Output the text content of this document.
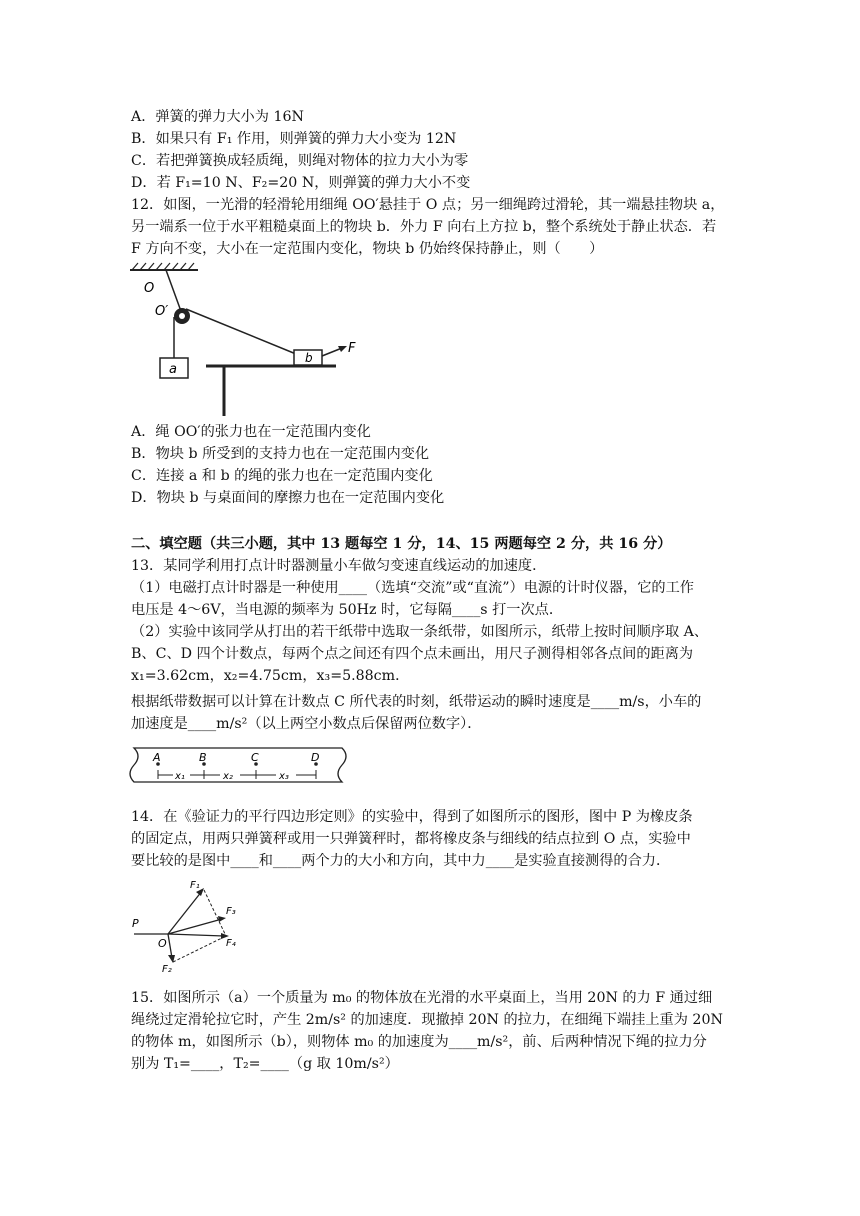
A．弹簧的弹力大小为 16N
B．如果只有 F₁ 作用，则弹簧的弹力大小变为 12N
C．若把弹簧换成轻质绳，则绳对物体的拉力大小为零
D．若 F₁=10 N、F₂=20 N，则弹簧的弹力大小不变
12．如图，一光滑的轻滑轮用细绳 OO′悬挂于 O 点；另一细绳跨过滑轮，其一端悬挂物块 a，
另一端系一位于水平粗糙桌面上的物块 b．外力 F 向右上方拉 b，整个系统处于静止状态．若
F 方向不变，大小在一定范围内变化，物块 b 仍始终保持静止，则（　　）
a
b
F
O
O′
A．绳 OO′的张力也在一定范围内变化
B．物块 b 所受到的支持力也在一定范围内变化
C．连接 a 和 b 的绳的张力也在一定范围内变化
D．物块 b 与桌面间的摩擦力也在一定范围内变化
二、填空题（共三小题，其中 13 题每空 1 分，14、15 两题每空 2 分，共 16 分）
13．某同学利用打点计时器测量小车做匀变速直线运动的加速度．
（1）电磁打点计时器是一种使用____（选填“交流”或“直流”）电源的计时仪器，它的工作
电压是 4～6V，当电源的频率为 50Hz 时，它每隔____s 打一次点．
（2）实验中该同学从打出的若干纸带中选取一条纸带，如图所示，纸带上按时间顺序取 A、
B、C、D 四个计数点，每两个点之间还有四个点未画出，用尺子测得相邻各点间的距离为
x₁=3.62cm，x₂=4.75cm，x₃=5.88cm．
根据纸带数据可以计算在计数点 C 所代表的时刻，纸带运动的瞬时速度是____m/s，小车的
加速度是____m/s²（以上两空小数点后保留两位数字）．
A	B	C	D
x₁	x₂	x₃
14．在《验证力的平行四边形定则》的实验中，得到了如图所示的图形，图中 P 为橡皮条
的固定点，用两只弹簧秤或用一只弹簧秤时，都将橡皮条与细线的结点拉到 O 点，实验中
要比较的是图中____和____两个力的大小和方向，其中力____是实验直接测得的合力．
P
O
F₁
F₂
F₃
F₄
15．如图所示（a）一个质量为 m₀ 的物体放在光滑的水平桌面上，当用 20N 的力 F 通过细
绳绕过定滑轮拉它时，产生 2m/s² 的加速度．现撤掉 20N 的拉力，在细绳下端挂上重为 20N
的物体 m，如图所示（b），则物体 m₀ 的加速度为____m/s²，前、后两种情况下绳的拉力分
别为 T₁=____，T₂=____（g 取 10m/s²）
